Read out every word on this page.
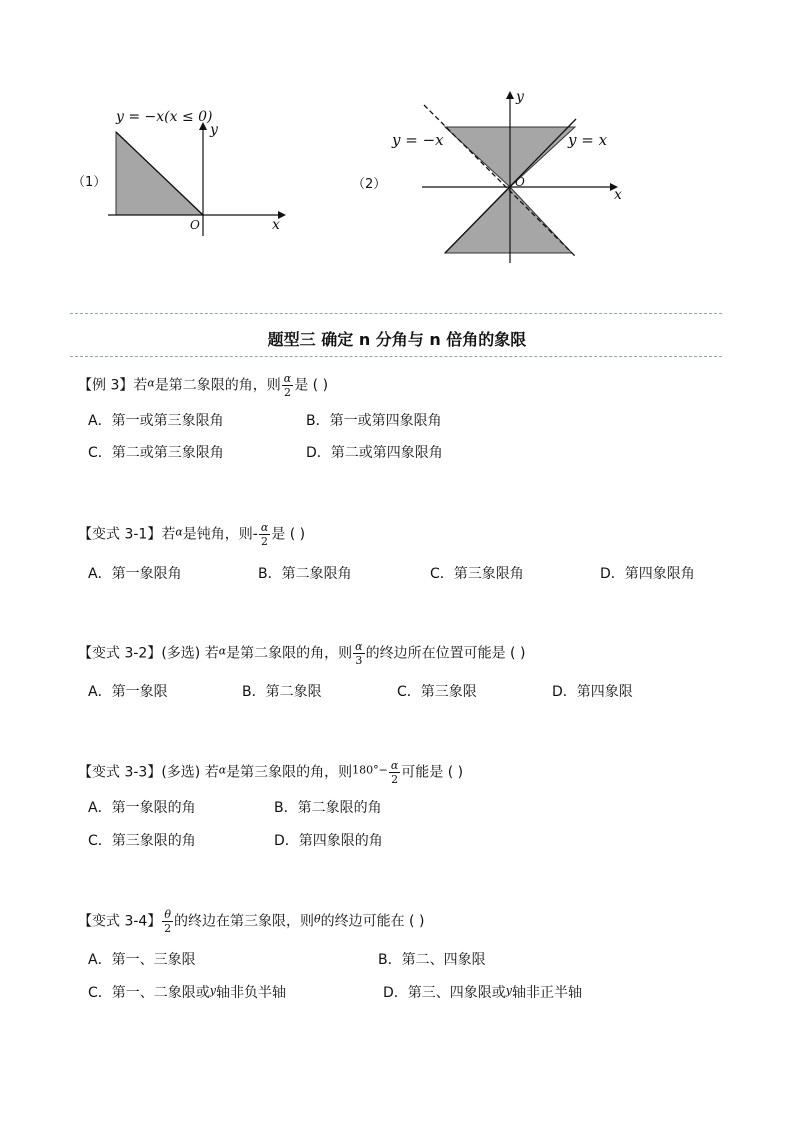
（1）
y = −x(x ≤ 0)
y
x
O
（2）
y = −x	y = x
y
x
O
题型三 确定 n 分角与 n 倍角的象限
【例 3】若$^\alpha$是第二象限的角，则 $\frac{\alpha}{2}$ 是 ( )
A．第一或第三象限角	B．第一或第四象限角
C．第二或第三象限角	D．第二或第四象限角
【变式 3-1】若$^\alpha$是钝角，则- $\frac{\alpha}{2}$ 是 ( )
A．第一象限角	B．第二象限角	C．第三象限角	D．第四象限角
【变式 3-2】(多选) 若$^\alpha$是第二象限的角，则 $\frac{\alpha}{3}$ 的终边所在位置可能是 ( )
A．第一象限	B．第二象限	C．第三象限	D．第四象限
【变式 3-3】(多选) 若$^\alpha$是第三象限的角，则$^{180^\circ-} \frac{\alpha}{2}$ 可能是 ( )
A．第一象限的角	B．第二象限的角
C．第三象限的角	D．第四象限的角
【变式 3-4】 $\frac{\theta}{2}$ 的终边在第三象限，则$^\theta$的终边可能在 ( )
A．第一、三象限	B．第二、四象限
C．第一、二象限或$^y$轴非负半轴	D．第三、四象限或$^y$轴非正半轴
